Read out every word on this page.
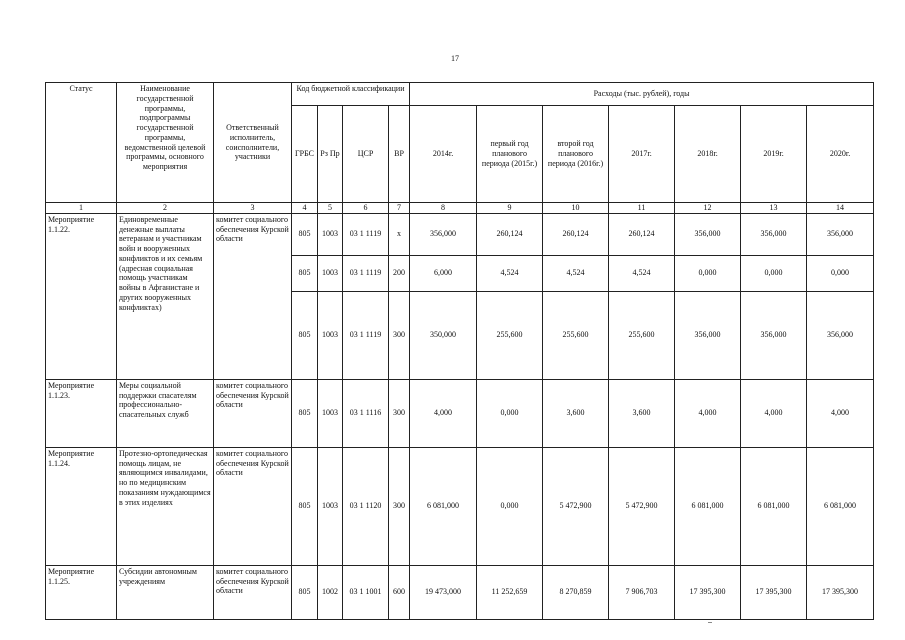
17
Статус	Наименование государственной программы, подпрограммы государственной программы, ведомственной целевой программы, основного мероприятия	Ответственный исполнитель, соисполнители, участники	Код бюджетной классификации				Расходы (тыс. рублей), годы						
			ГРБС	Рз Пр	ЦСР	ВР	2014г.	первый год планового периода (2015г.)	второй год планового периода (2016г.)	2017г.	2018г.	2019г.	2020г.
1	2	3	4	5	6	7	8	9	10	11	12	13	14
Мероприятие 1.1.22.	Единовременные денежные выплаты ветеранам и участникам войн и вооруженных конфликтов и их семьям (адресная социальная помощь участникам войны в Афганистане и других вооруженных конфликтах)	комитет социального обеспечения Курской области	805	1003	03 1 1119	х	356,000	260,124	260,124	260,124	356,000	356,000	356,000
			805	1003	03 1 1119	200	6,000	4,524	4,524	4,524	0,000	0,000	0,000
			805	1003	03 1 1119	300	350,000	255,600	255,600	255,600	356,000	356,000	356,000
Мероприятие 1.1.23.	Меры социальной поддержки спасателям профессионально-спасательных служб	комитет социального обеспечения Курской области	805	1003	03 1 1116	300	4,000	0,000	3,600	3,600	4,000	4,000	4,000
Мероприятие 1.1.24.	Протезно-ортопедическая помощь лицам, не являющимся инвалидами, но по медицинским показаниям нуждающимся в этих изделиях	комитет социального обеспечения Курской области	805	1003	03 1 1120	300	6 081,000	0,000	5 472,900	5 472,900	6 081,000	6 081,000	6 081,000
Мероприятие 1.1.25.	Субсидии автономным учреждениям	комитет социального обеспечения Курской области	805	1002	03 1 1001	600	19 473,000	11 252,659	8 270,859	7 906,703	17 395,300	17 395,300	17 395,300
